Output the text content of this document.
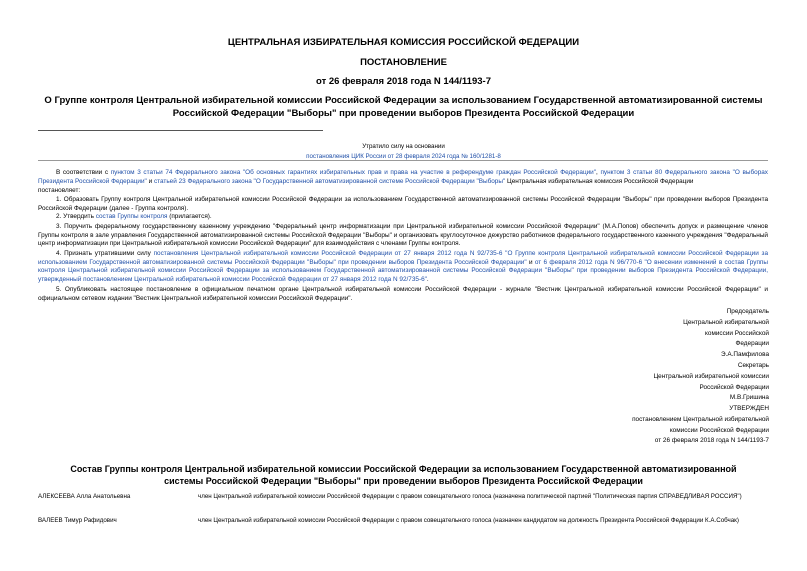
ЦЕНТРАЛЬНАЯ ИЗБИРАТЕЛЬНАЯ КОМИССИЯ РОССИЙСКОЙ ФЕДЕРАЦИИ
ПОСТАНОВЛЕНИЕ
от 26 февраля 2018 года N 144/1193-7
О Группе контроля Центральной избирательной комиссии Российской Федерации за использованием Государственной автоматизированной системы Российской Федерации "Выборы" при проведении выборов Президента Российской Федерации
Утратило силу на основании
постановления ЦИК России от 28 февраля 2024 года № 160/1281-8
В соответствии с пунктом 3 статьи 74 Федерального закона "Об основных гарантиях избирательных прав и права на участие в референдуме граждан Российской Федерации", пунктом 3 статьи 80 Федерального закона "О выборах Президента Российской Федерации" и статьей 23 Федерального закона "О Государственной автоматизированной системе Российской Федерации "Выборы" Центральная избирательная комиссия Российской Федерации
постановляет:
1. Образовать Группу контроля Центральной избирательной комиссии Российской Федерации за использованием Государственной автоматизированной системы Российской Федерации "Выборы" при проведении выборов Президента Российской Федерации (далее - Группа контроля).
2. Утвердить состав Группы контроля (прилагается).
3. Поручить федеральному государственному казенному учреждению "Федеральный центр информатизации при Центральной избирательной комиссии Российской Федерации" (М.А.Попов) обеспечить допуск и размещение членов Группы контроля в зале управления Государственной автоматизированной системы Российской Федерации "Выборы" и организовать круглосуточное дежурство работников федерального государственного казенного учреждения "Федеральный центр информатизации при Центральной избирательной комиссии Российской Федерации" для взаимодействия с членами Группы контроля.
4. Признать утратившими силу постановления Центральной избирательной комиссии Российской Федерации от 27 января 2012 года N 92/735-6 "О Группе контроля Центральной избирательной комиссии Российской Федерации за использованием Государственной автоматизированной системы Российской Федерации "Выборы" при проведении выборов Президента Российской Федерации" и от 6 февраля 2012 года N 96/770-6 "О внесении изменений в состав Группы контроля Центральной избирательной комиссии Российской Федерации за использованием Государственной автоматизированной системы Российской Федерации "Выборы" при проведении выборов Президента Российской Федерации, утвержденный постановлением Центральной избирательной комиссии Российской Федерации от 27 января 2012 года N 92/735-6".
5. Опубликовать настоящее постановление в официальном печатном органе Центральной избирательной комиссии Российской Федерации - журнале "Вестник Центральной избирательной комиссии Российской Федерации" и официальном сетевом издании "Вестник Центральной избирательной комиссии Российской Федерации".
Председатель
Центральной избирательной
комиссии Российской
Федерации
Э.А.Памфилова
Секретарь
Центральной избирательной комиссии
Российской Федерации
М.В.Гришина
УТВЕРЖДЕН
постановлением Центральной избирательной
комиссии Российской Федерации
от 26 февраля 2018 года N 144/1193-7
Состав Группы контроля Центральной избирательной комиссии Российской Федерации за использованием Государственной автоматизированной системы Российской Федерации "Выборы" при проведении выборов Президента Российской Федерации
АЛЕКСЕЕВА Алла Анатольевна	член Центральной избирательной комиссии Российской Федерации с правом совещательного голоса (назначена политической партией "Политическая партия СПРАВЕДЛИВАЯ РОССИЯ")
ВАЛЕЕВ Тимур Рафидович	член Центральной избирательной комиссии Российской Федерации с правом совещательного голоса (назначен кандидатом на должность Президента Российской Федерации К.А.Собчак)
